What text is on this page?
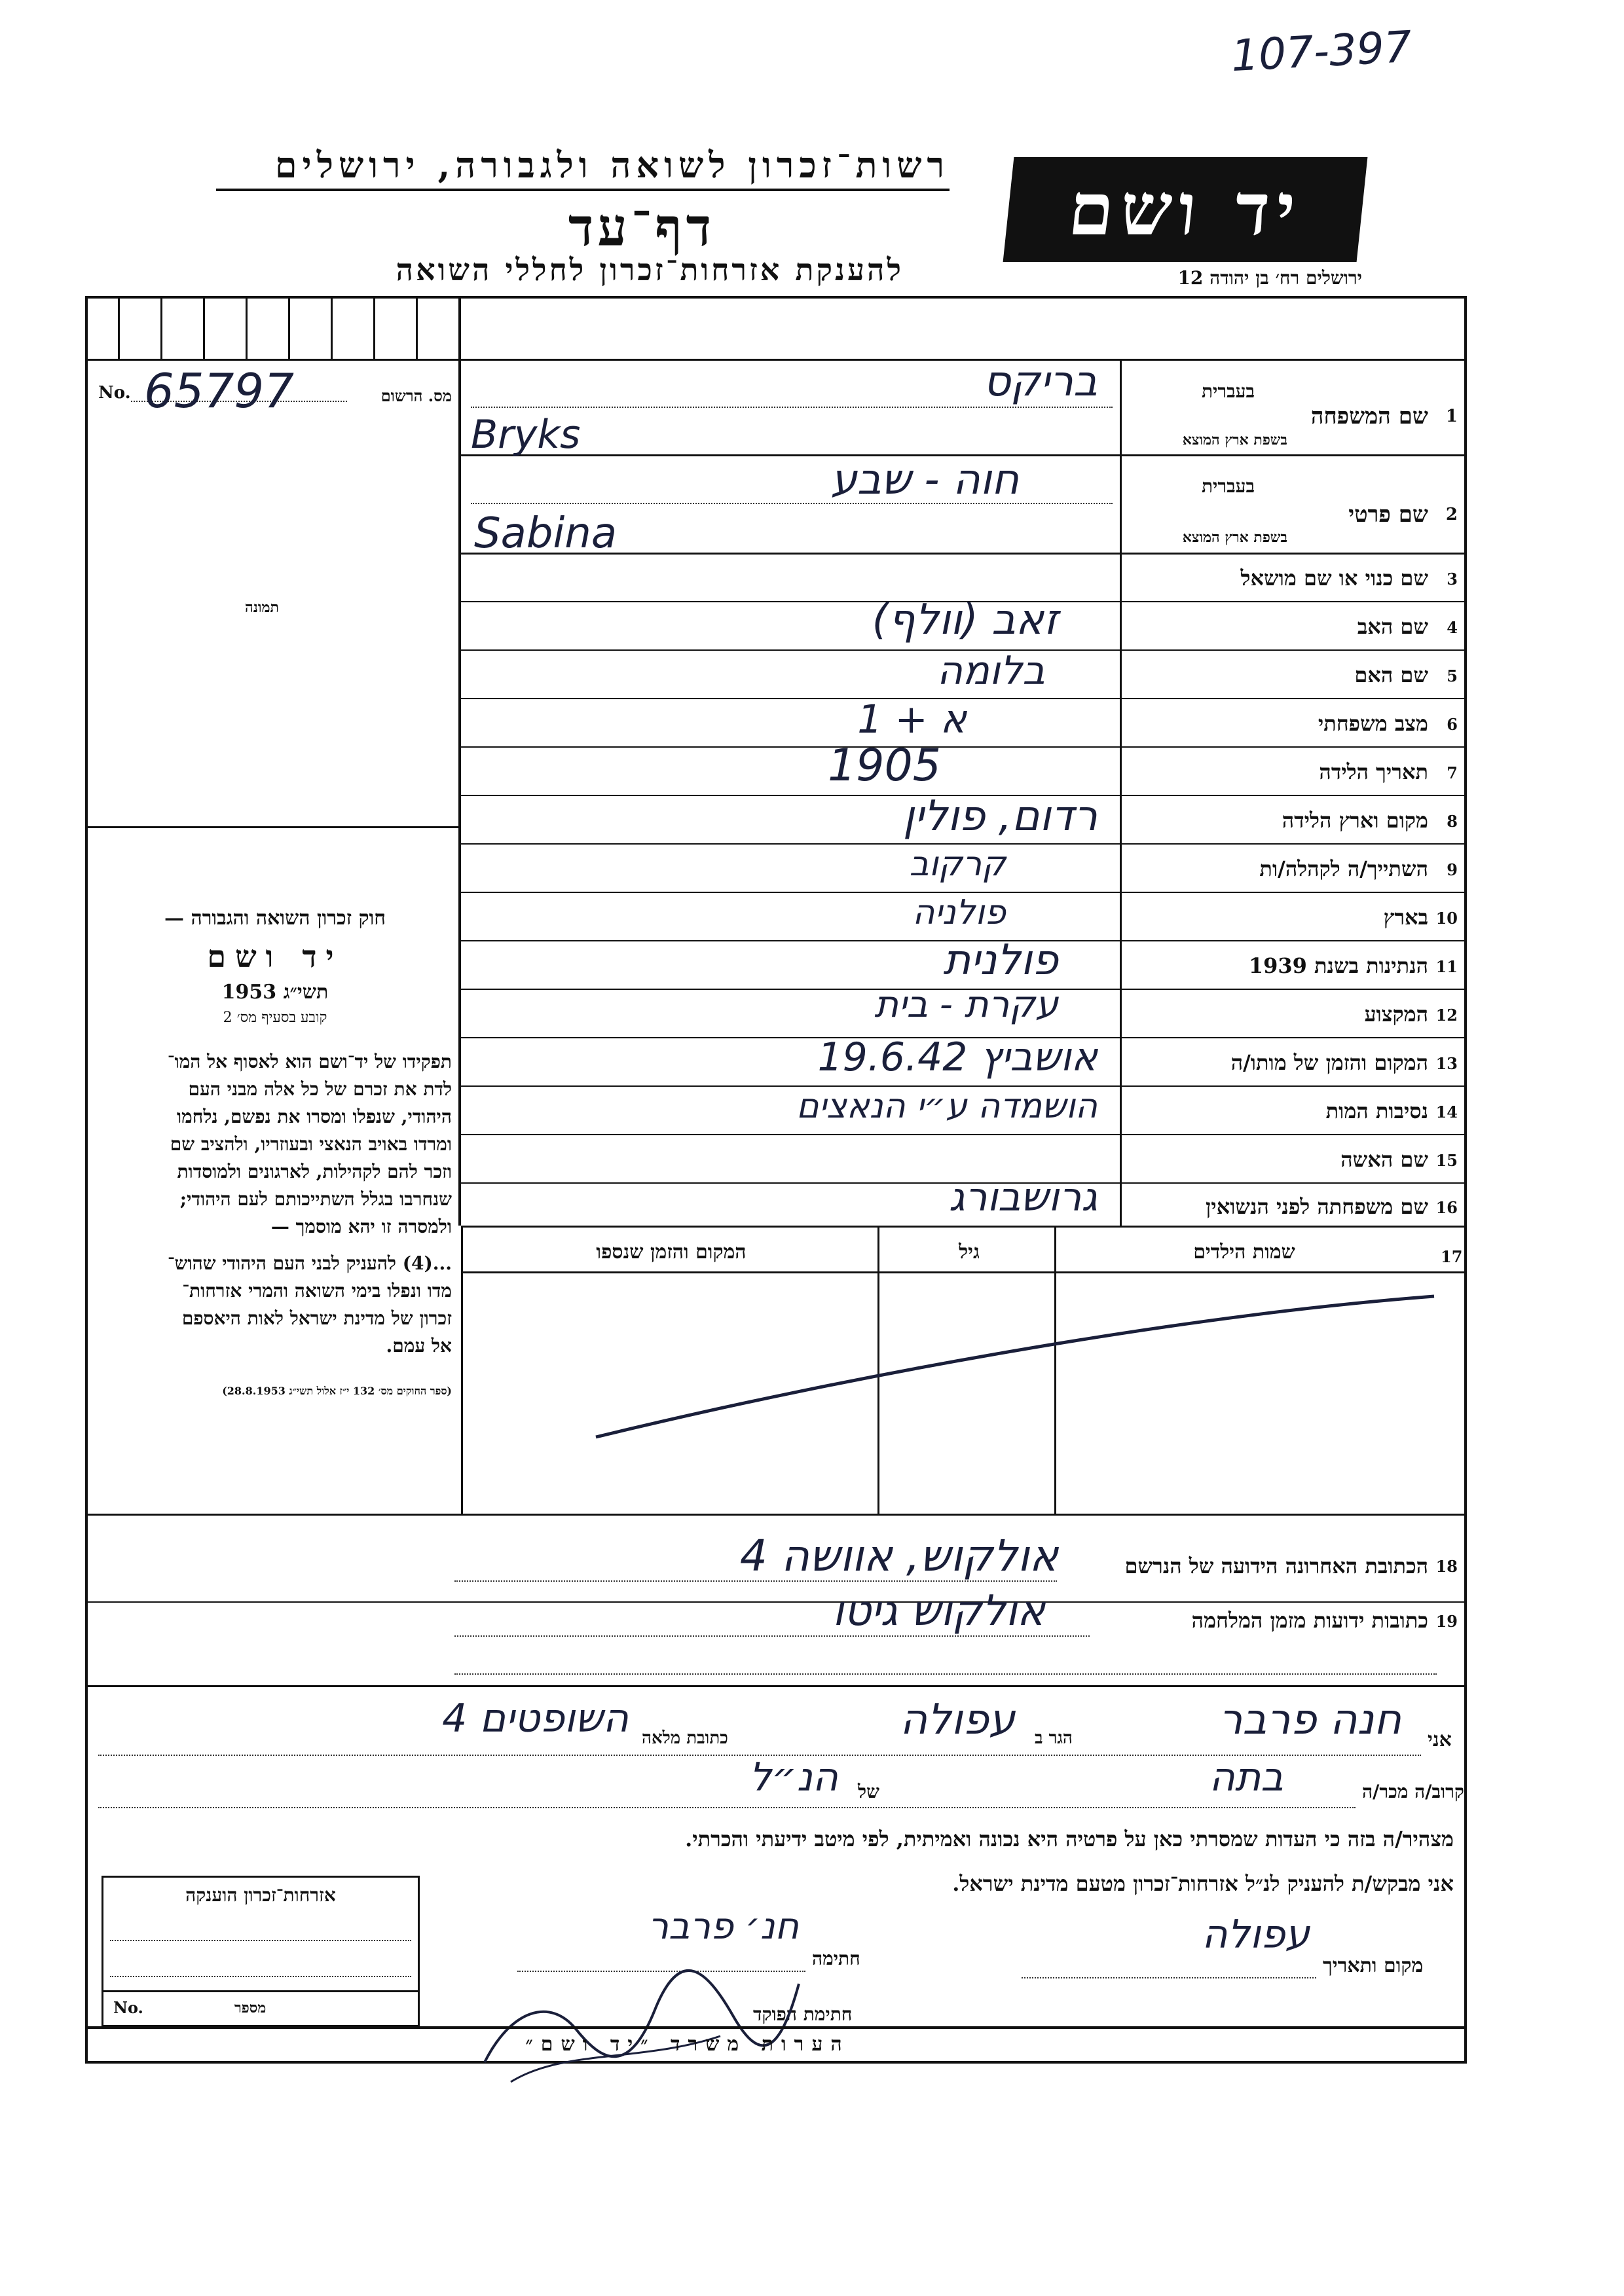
107-397
רשות־זכרון לשואה ולגבורה, ירושלים
דף־עד
להענקת אזרחות־זכרון לחללי השואה
יד ושם
ירושלים רח׳ בן יהודה 12
No. 65797	מס. הרשום
תמונה
1
שם המשפחה
בעברית
בשפת ארץ המוצא
בריקס
Bryks
2
שם פרטי
בעברית
בשפת ארץ המוצא
חוה - שבע
Sabina
3
שם כנוי או שם מושאל
4
שם האב
זאב (וולף)
5
שם האם
בלומה
6
מצב משפחתי
א + 1
7
תאריך הלידה
1905
8
מקום וארץ הלידה
רדום, פולין
9
השתייך/ה לקהלה/ות
קרקוב
10
בארץ
פולניה
11
הנתינות בשנת 1939
פולנית
12
המקצוע
עקרת - בית
13
המקום והזמן של מותו/ה
אושביץ 19.6.42
14
נסיבות המות
הושמדה ע״י הנאצים
15
שם האשה
16
שם משפחתה לפני הנשואין
גרושבורג
חוק זכרון השואה והגבורה —
יד ושם
תשי״ג 1953
קובע בסעיף מס׳ 2
תפקידו של יד־ושם הוא לאסוף אל המו־
לדת את זכרם של כל אלה מבני העם
היהודי, שנפלו ומסרו את נפשם, נלחמו
ומרדו באויב הנאצי ובעוזריו, ולהציב שם
וזכר להם לקהילות, לארגונים ולמוסדות
שנחרבו בגלל השתייכותם לעם היהודי;
ולמסרה זו יהא מוסמך —
...(4) להעניק לבני העם היהודי שהוש־
מדו ונפלו בימי השואה והמרי אזרחות־
זכרון של מדינת ישראל לאות היאספם
אל עמם.
(ספר החוקים מס׳ 132 י״ז אלול תשי״ג 28.8.1953)
17
שמות הילדים
גיל
המקום והזמן שנספו
18
הכתובת האחרונה הידועה של הנרשם
אולקוש, אוושה 4
19
כתובות ידועות מזמן המלחמה
אולקוש גיטו
אני
חנה פרבר
הגר ב
עפולה
כתובת מלאה
השופטים 4
קרוב/ה מכר/ה
בתה
של
הנ״ל
מצהיר/ה בזה כי העדות שמסרתי כאן על פרטיה היא נכונה ואמיתית, לפי מיטב ידיעתי והכרתי.
אני מבקש/ת להעניק לנ״ל אזרחות־זכרון מטעם מדינת ישראל.
מקום ותאריך
עפולה
חתימה
חנ׳ פרבר
חתימת הפוקד
אזרחות־זכרון הוענקה
No.	מספר
הערות משרד ״יד ושם״
